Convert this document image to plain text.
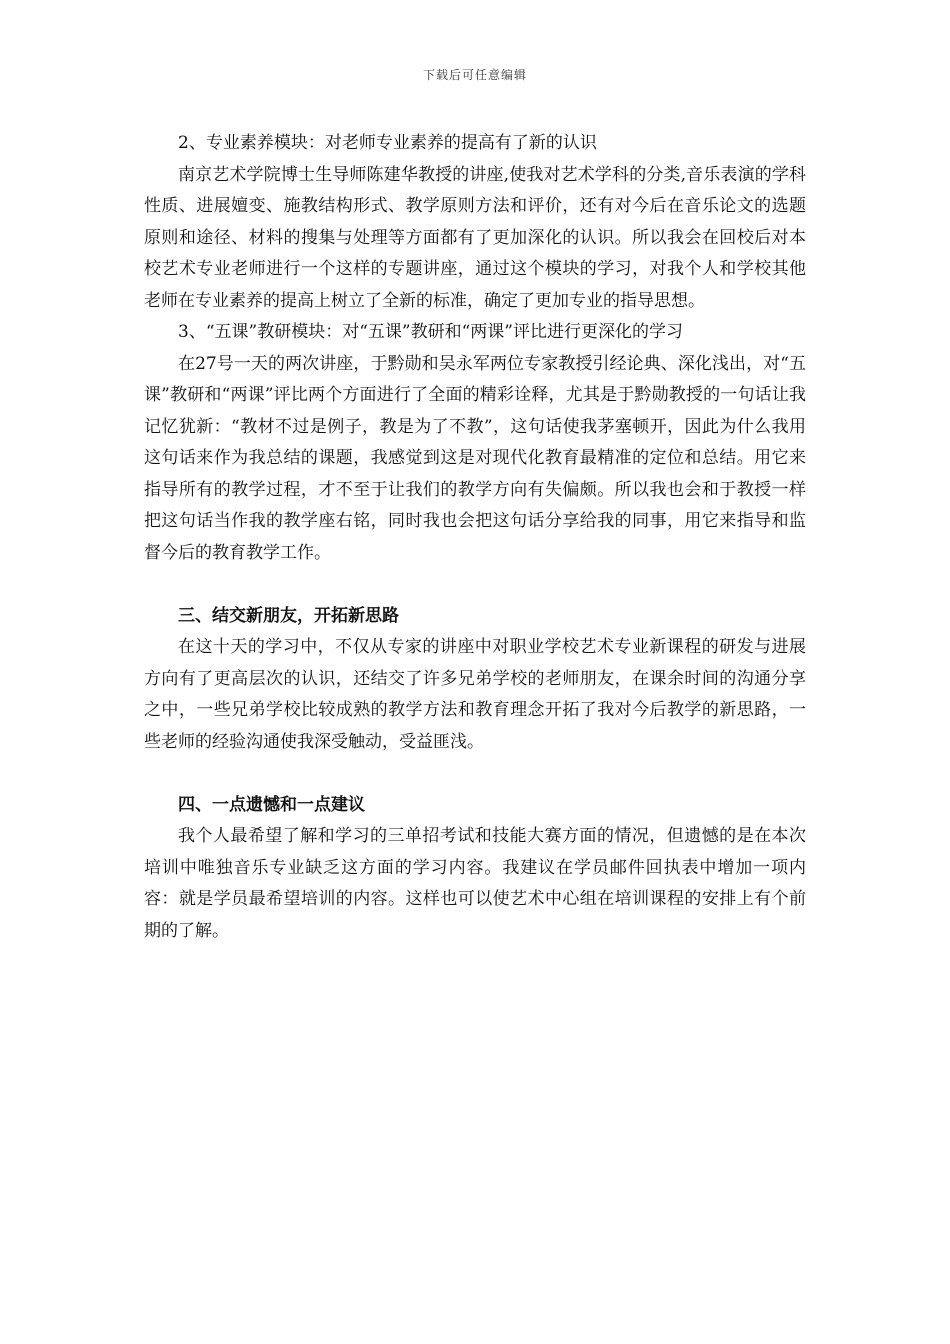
下载后可任意编辑

2、专业素养模块：对老师专业素养的提高有了新的认识

南京艺术学院博士生导师陈建华教授的讲座,使我对艺术学科的分类,音乐表演的学科性质、进展嬗变、施教结构形式、教学原则方法和评价，还有对今后在音乐论文的选题原则和途径、材料的搜集与处理等方面都有了更加深化的认识。所以我会在回校后对本校艺术专业老师进行一个这样的专题讲座，通过这个模块的学习，对我个人和学校其他老师在专业素养的提高上树立了全新的标准，确定了更加专业的指导思想。

3、“五课”教研模块：对“五课”教研和“两课”评比进行更深化的学习

在27号一天的两次讲座，于黔勋和吴永军两位专家教授引经论典、深化浅出，对“五课”教研和“两课”评比两个方面进行了全面的精彩诠释，尤其是于黔勋教授的一句话让我记忆犹新：“教材不过是例子，教是为了不教”，这句话使我茅塞顿开，因此为什么我用这句话来作为我总结的课题，我感觉到这是对现代化教育最精准的定位和总结。用它来指导所有的教学过程，才不至于让我们的教学方向有失偏颇。所以我也会和于教授一样把这句话当作我的教学座右铭，同时我也会把这句话分享给我的同事，用它来指导和监督今后的教育教学工作。

三、结交新朋友，开拓新思路

在这十天的学习中，不仅从专家的讲座中对职业学校艺术专业新课程的研发与进展方向有了更高层次的认识，还结交了许多兄弟学校的老师朋友，在课余时间的沟通分享之中，一些兄弟学校比较成熟的教学方法和教育理念开拓了我对今后教学的新思路，一些老师的经验沟通使我深受触动，受益匪浅。

四、一点遗憾和一点建议

我个人最希望了解和学习的三单招考试和技能大赛方面的情况，但遗憾的是在本次培训中唯独音乐专业缺乏这方面的学习内容。我建议在学员邮件回执表中增加一项内容：就是学员最希望培训的内容。这样也可以使艺术中心组在培训课程的安排上有个前期的了解。
